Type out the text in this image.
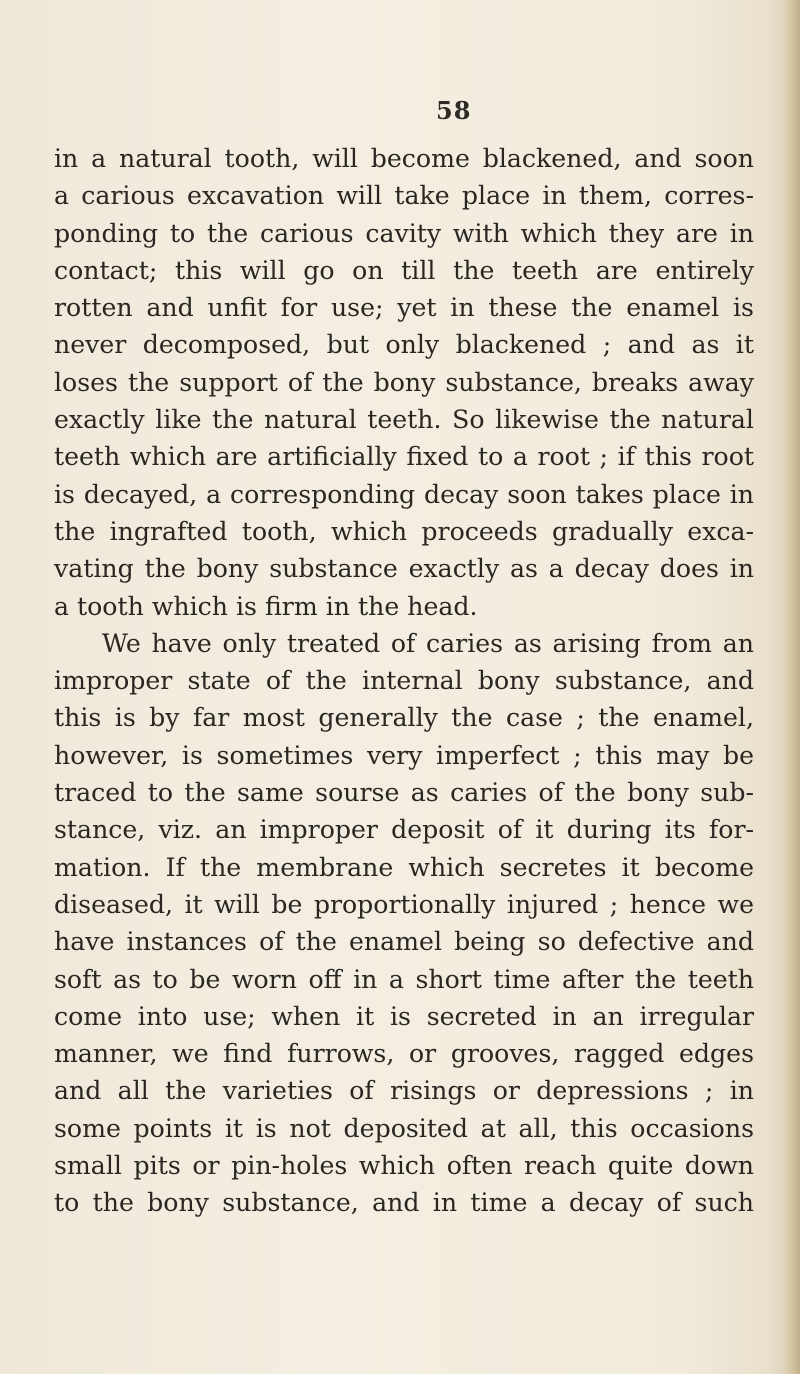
58
in a natural tooth, will become blackened, and soon
a carious excavation will take place in them, corres-
ponding to the carious cavity with which they are in
contact; this will go on till the teeth are entirely
rotten and unfit for use; yet in these the enamel is
never decomposed, but only blackened ; and as it
loses the support of the bony substance, breaks away
exactly like the natural teeth. So likewise the natural
teeth which are artificially fixed to a root ; if this root
is decayed, a corresponding decay soon takes place in
the ingrafted tooth, which proceeds gradually exca-
vating the bony substance exactly as a decay does in
a tooth which is firm in the head.
We have only treated of caries as arising from an
improper state of the internal bony substance, and
this is by far most generally the case ; the enamel,
however, is sometimes very imperfect ; this may be
traced to the same sourse as caries of the bony sub-
stance, viz. an improper deposit of it during its for-
mation. If the membrane which secretes it become
diseased, it will be proportionally injured ; hence we
have instances of the enamel being so defective and
soft as to be worn off in a short time after the teeth
come into use; when it is secreted in an irregular
manner, we find furrows, or grooves, ragged edges
and all the varieties of risings or depressions ; in
some points it is not deposited at all, this occasions
small pits or pin-holes which often reach quite down
to the bony substance, and in time a decay of such
